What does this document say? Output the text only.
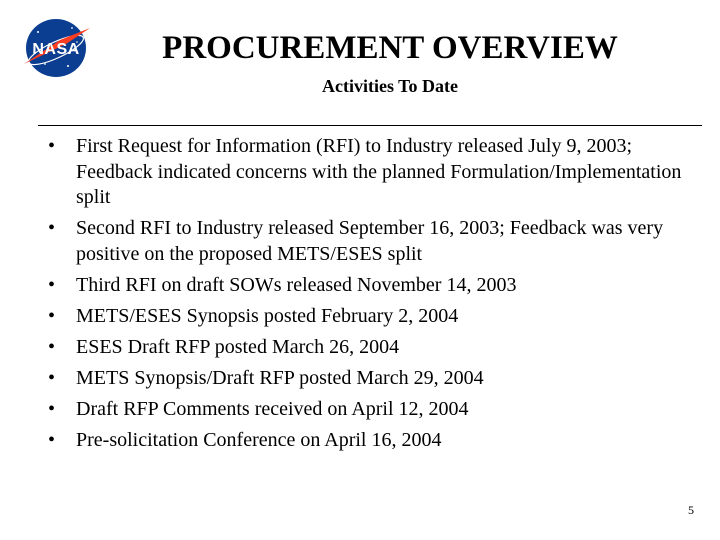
NASA	PROCUREMENT OVERVIEW
Activities To Date
• First Request for Information (RFI) to Industry released July 9, 2003; Feedback indicated concerns with the planned Formulation/Implementation split
• Second RFI to Industry released September 16, 2003; Feedback was very positive on the proposed METS/ESES split
• Third RFI on draft SOWs released November 14, 2003
• METS/ESES Synopsis posted February 2, 2004
• ESES Draft RFP posted March 26, 2004
• METS Synopsis/Draft RFP posted March 29, 2004
• Draft RFP Comments received on April 12, 2004
• Pre-solicitation Conference on April 16, 2004
5
